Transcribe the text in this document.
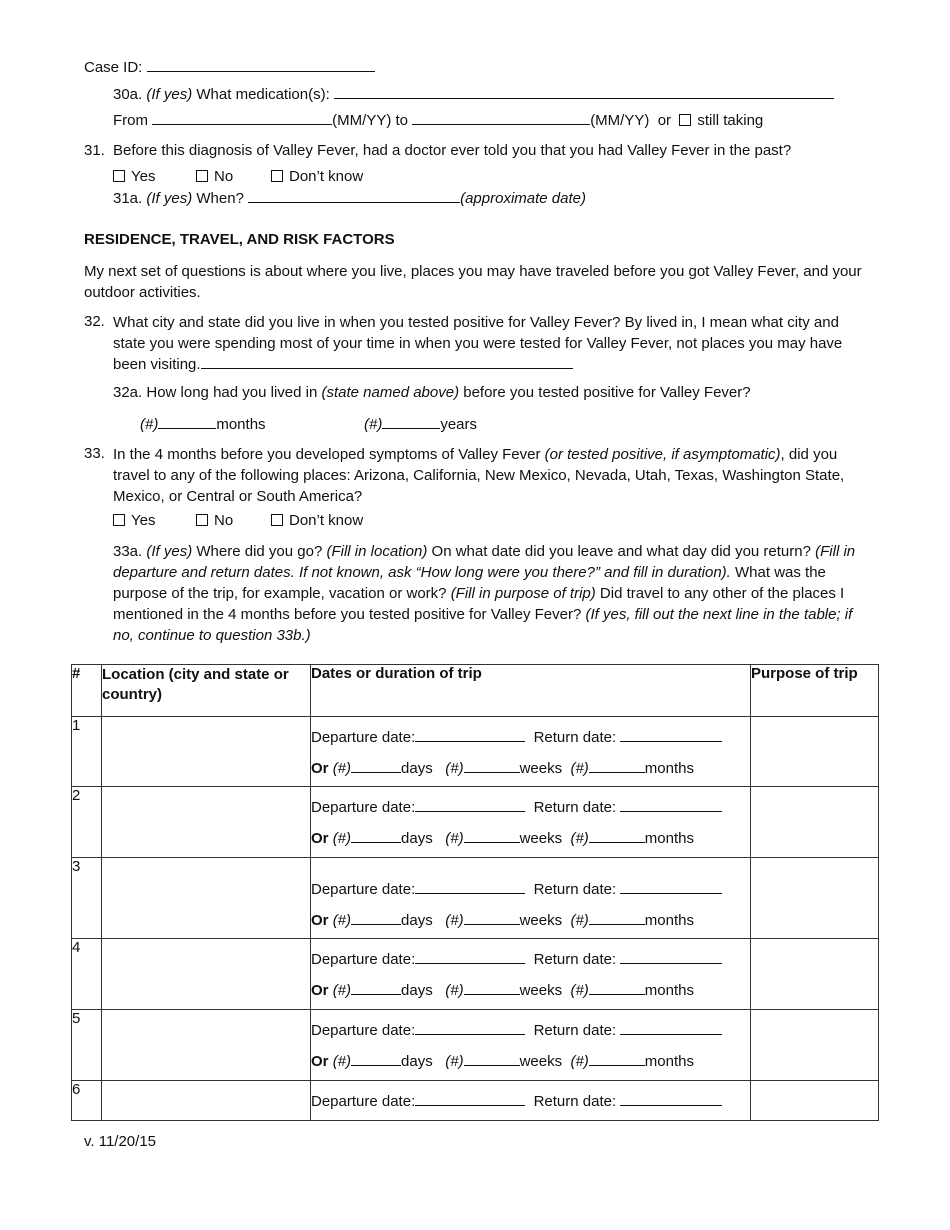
Case ID:
30a. (If yes) What medication(s):
From	(MM/YY) to	(MM/YY) or still taking
31. Before this diagnosis of Valley Fever, had a doctor ever told you that you had Valley Fever in the past?
Yes	No	Don’t know
31a. (If yes) When?	(approximate date)
RESIDENCE, TRAVEL, AND RISK FACTORS
My next set of questions is about where you live, places you may have traveled before you got Valley Fever, and your outdoor activities.
32. What city and state did you live in when you tested positive for Valley Fever? By lived in, I mean what city and state you were spending most of your time in when you were tested for Valley Fever, not places you may have been visiting.
32a. How long had you lived in (state named above) before you tested positive for Valley Fever?
(#)	months	(#)	years
33. In the 4 months before you developed symptoms of Valley Fever (or tested positive, if asymptomatic), did you travel to any of the following places: Arizona, California, New Mexico, Nevada, Utah, Texas, Washington State, Mexico, or Central or South America?
Yes	No	Don’t know
33a. (If yes) Where did you go? (Fill in location) On what date did you leave and what day did you return? (Fill in departure and return dates. If not known, ask “How long were you there?” and fill in duration). What was the purpose of the trip, for example, vacation or work? (Fill in purpose of trip) Did travel to any other of the places I mentioned in the 4 months before you tested positive for Valley Fever? (If yes, fill out the next line in the table; if no, continue to question 33b.)
#	Location (city and state or country)	Dates or duration of trip	Purpose of trip
1		Departure date: Return date:
Or (#) days (#) weeks (#) months	

2		Departure date: Return date:
Or (#) days (#) weeks (#) months	

3		Departure date: Return date:
Or (#) days (#) weeks (#) months	

4		Departure date: Return date:
Or (#) days (#) weeks (#) months	

5		Departure date: Return date:
Or (#) days (#) weeks (#) months	

6		Departure date: Return date:	

v. 11/20/15
